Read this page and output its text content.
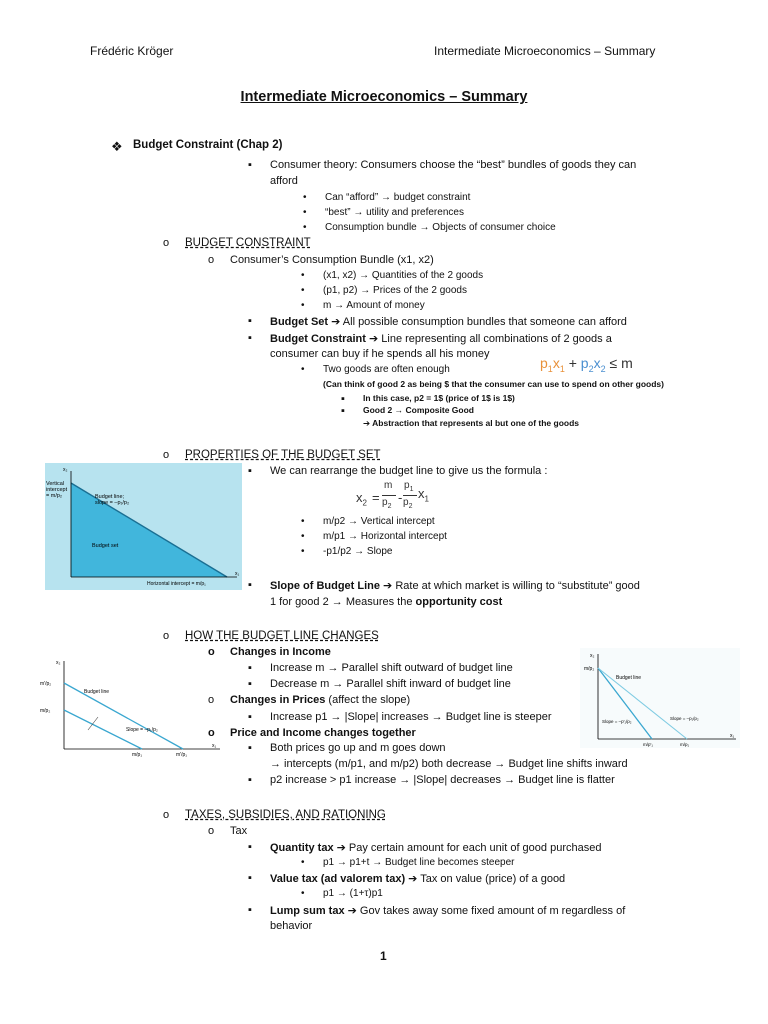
Frédéric Kröger	Intermediate Microeconomics – Summary
Intermediate Microeconomics – Summary
❖ Budget Constraint (Chap 2)
▪ Consumer theory: Consumers choose the “best” bundles of goods they can
afford
• Can “afford” → budget constraint
• “best” → utility and preferences
• Consumption bundle → Objects of consumer choice
o BUDGET CONSTRAINT
o Consumer’s Consumption Bundle (x1, x2)
• (x1, x2) → Quantities of the 2 goods
• (p1, p2) → Prices of the 2 goods
• m → Amount of money
▪ Budget Set ➔ All possible consumption bundles that someone can afford
▪ Budget Constraint ➔ Line representing all combinations of 2 goods a
consumer can buy if he spends all his money
$p_1x_1 + p_2x_2 \le m$
• Two goods are often enough
(Can think of good 2 as being $ that the consumer can use to spend on other goods)
▪ In this case, p2 = 1$ (price of 1$ is 1$)
▪ Good 2 → Composite Good
➔ Abstraction that represents al but one of the goods
o PROPERTIES OF THE BUDGET SET
▪ We can rearrange the budget line to give us the formula :
$x_2$ =
m
$p_2$
-
$p_1$
$p_2$
$x_1$
• m/p2 → Vertical intercept
• m/p1 → Horizontal intercept
• -p1/p2 → Slope
▪ Slope of Budget Line ➔ Rate at which market is willing to “substitute” good
1 for good 2 → Measures the opportunity cost
x₂
x₁
Vertical
intercept
= m/p₂	Budget line;
slope = –p₁/p₂
Budget set
Horizontal intercept = m/p₁
o HOW THE BUDGET LINE CHANGES
o Changes in Income
▪ Increase m → Parallel shift outward of budget line
▪ Decrease m → Parallel shift inward of budget line
o Changes in Prices (affect the slope)
▪ Increase p1 → |Slope| increases → Budget line is steeper
o Price and Income changes together
▪ Both prices go up and m goes down
→ intercepts (m/p1, and m/p2) both decrease → Budget line shifts inward
▪ p2 increase > p1 increase → |Slope| decreases → Budget line is flatter
x₂
x₁
m'/p₂
m/p₂
Budget line
Slope = –p₁/p₂
m/p₁	m'/p₁
x₂
x₁
m/p₂
Budget line
Slope = –p'₁/p₂
Slope = –p₁/p₂
m/p'₁	m/p₁
o TAXES, SUBSIDIES, AND RATIONING
o Tax
▪ Quantity tax ➔ Pay certain amount for each unit of good purchased
• p1 → p1+t → Budget line becomes steeper
▪ Value tax (ad valorem tax) ➔ Tax on value (price) of a good
• p1 → (1+τ)p1
▪ Lump sum tax ➔ Gov takes away some fixed amount of m regardless of
behavior
1
